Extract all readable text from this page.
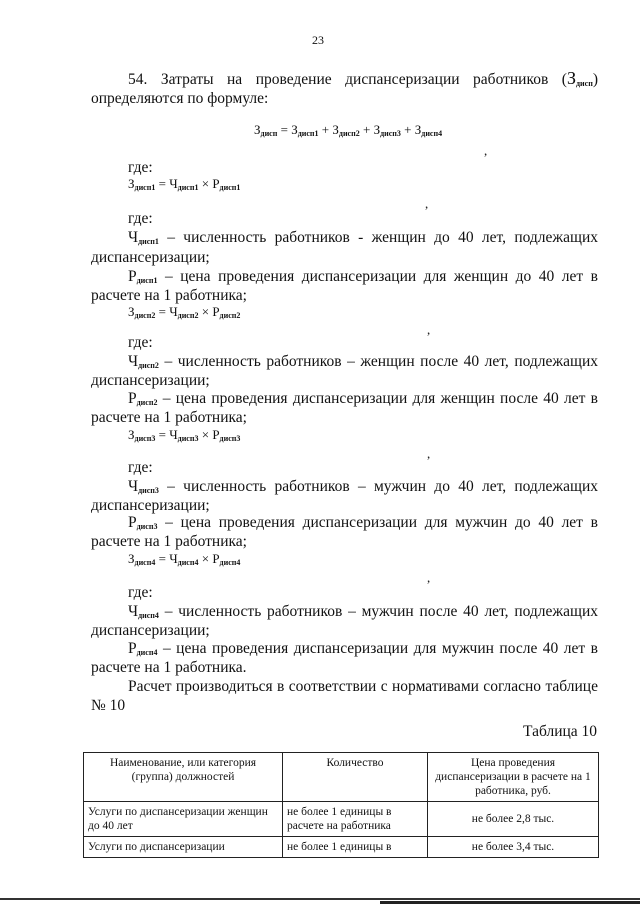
23
54. Затраты на проведение диспансеризации работников $(З_{дисп})$
определяются по формуле:
$З_{дисп} = З_{дисп1} + З_{дисп2} + З_{дисп3} + З_{дисп4}$
,
где:
$З_{дисп1} = Ч_{дисп1} \times Р_{дисп1}$
,
где:
$Ч_{дисп1}$ – численность работников - женщин до 40 лет, подлежащих
диспансеризации;
$Р_{дисп1}$ – цена проведения диспансеризации для женщин до 40 лет в
расчете на 1 работника;
$З_{дисп2} = Ч_{дисп2} \times Р_{дисп2}$
,
где:
$Ч_{дисп2}$ – численность работников – женщин после 40 лет, подлежащих
диспансеризации;
$Р_{дисп2}$ – цена проведения диспансеризации для женщин после 40 лет в
расчете на 1 работника;
$З_{дисп3} = Ч_{дисп3} \times Р_{дисп3}$
,
где:
$Ч_{дисп3}$ – численность работников – мужчин до 40 лет, подлежащих
диспансеризации;
$Р_{дисп3}$ – цена проведения диспансеризации для мужчин до 40 лет в
расчете на 1 работника;
$З_{дисп4} = Ч_{дисп4} \times Р_{дисп4}$
,
где:
$Ч_{дисп4}$ – численность работников – мужчин после 40 лет, подлежащих
диспансеризации;
$Р_{дисп4}$ – цена проведения диспансеризации для мужчин после 40 лет в
расчете на 1 работника.
Расчет производиться в соответствии с нормативами согласно таблице
№ 10
Таблица 10
Наименование, или категория (группа) должностей	Количество	Цена проведения диспансеризации в расчете на 1 работника, руб.
Услуги по диспансеризации женщин до 40 лет	не более 1 единицы в расчете на работника	не более 2,8 тыс.
Услуги по диспансеризации	не более 1 единицы в	не более 3,4 тыс.
